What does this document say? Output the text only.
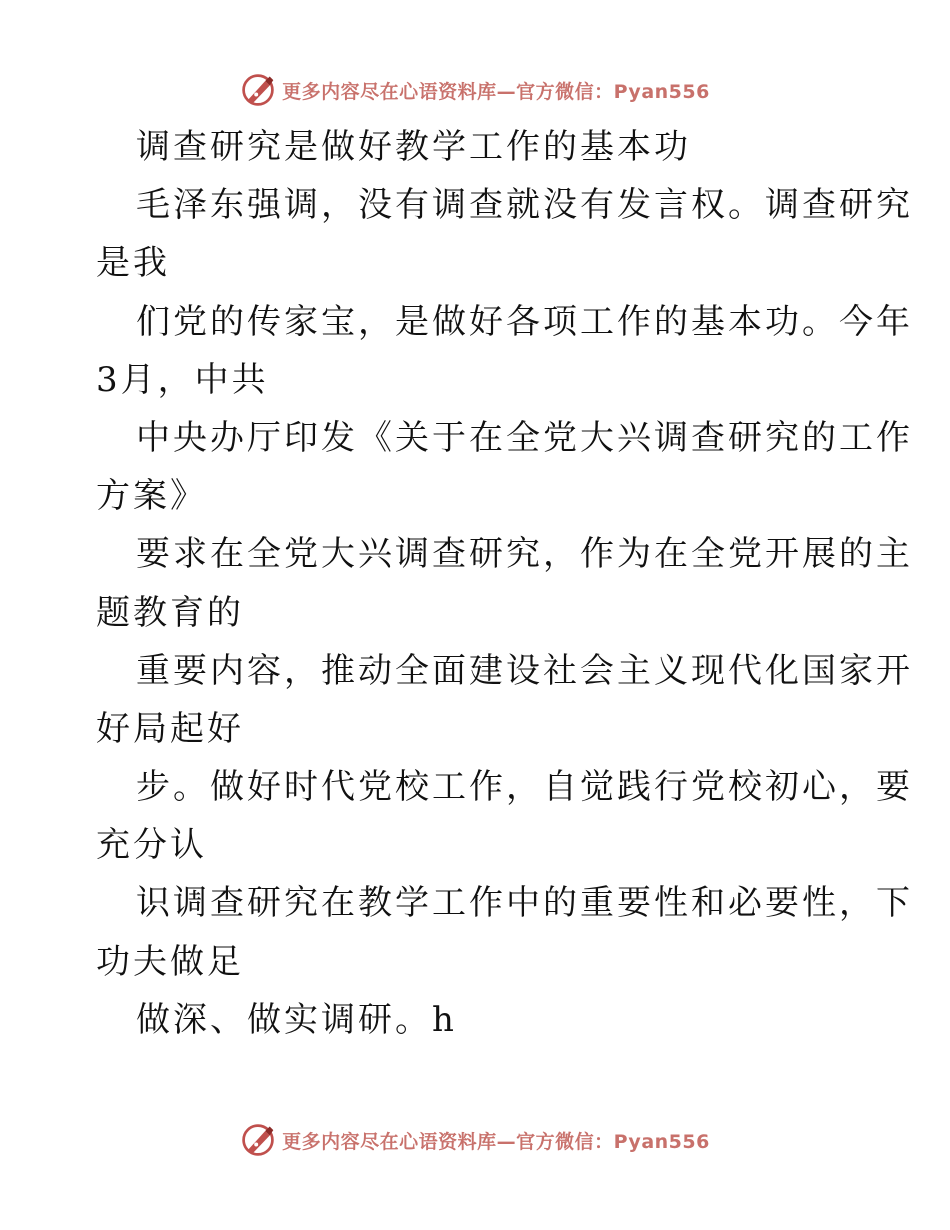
更多内容尽在心语资料库—官方微信：Pyan556
调查研究是做好教学工作的基本功
毛泽东强调，没有调查就没有发言权。调查研究
是我
们党的传家宝，是做好各项工作的基本功。今年
3月，中共
中央办厅印发《关于在全党大兴调查研究的工作
方案》
要求在全党大兴调查研究，作为在全党开展的主
题教育的
重要内容，推动全面建设社会主义现代化国家开
好局起好
步。做好时代党校工作，自觉践行党校初心，要
充分认
识调查研究在教学工作中的重要性和必要性，下
功夫做足
做深、做实调研。h
更多内容尽在心语资料库—官方微信：Pyan556
